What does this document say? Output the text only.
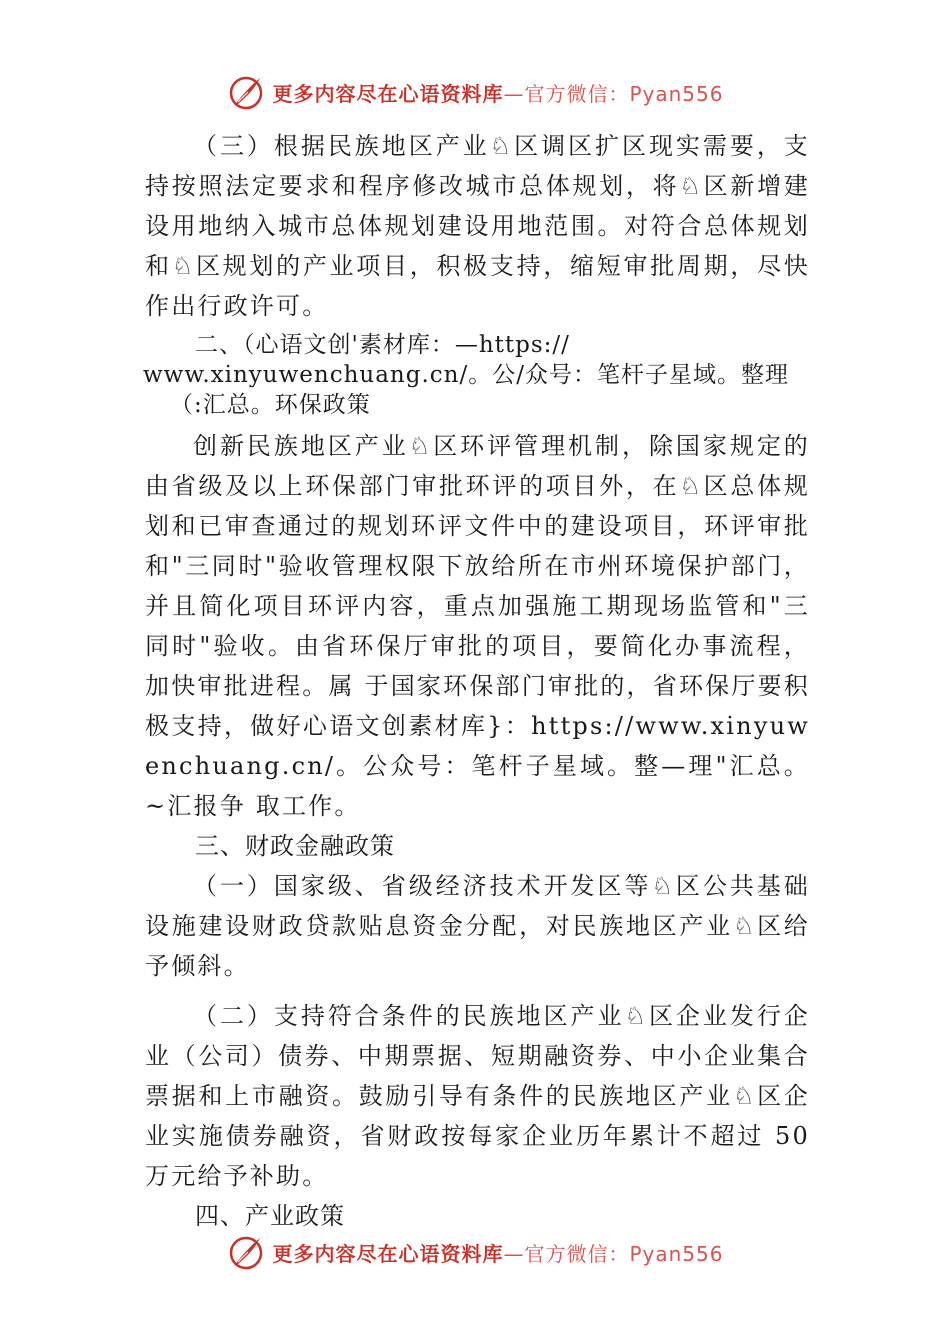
更多内容尽在心语资料库—官方微信：Pyan556

（三）根据民族地区产业♘区调区扩区现实需要，支持按照法定要求和程序修改城市总体规划，将♘区新增建设用地纳入城市总体规划建设用地范围。对符合总体规划和♘区规划的产业项目，积极支持，缩短审批周期，尽快作出行政许可。

二、（心语文创'素材库：—https://
www.xinyuwenchuang.cn/。公/众号：笔杆子星域。整理
（:汇总。环保政策

创新民族地区产业♘区环评管理机制，除国家规定的由省级及以上环保部门审批环评的项目外，在♘区总体规划和已审查通过的规划环评文件中的建设项目，环评审批和"三同时"验收管理权限下放给所在市州环境保护部门，并且简化项目环评内容，重点加强施工期现场监管和"三同时"验收。由省环保厅审批的项目，要简化办事流程，加快审批进程。属 于国家环保部门审批的，省环保厅要积极支持，做好心语文创素材库}：https://www.xinyuwenchuang.cn/。公众号：笔杆子星域。整—理"汇总。~汇报争 取工作。

三、财政金融政策

（一）国家级、省级经济技术开发区等♘区公共基础设施建设财政贷款贴息资金分配，对民族地区产业♘区给予倾斜。

（二）支持符合条件的民族地区产业♘区企业发行企业（公司）债券、中期票据、短期融资券、中小企业集合票据和上市融资。鼓励引导有条件的民族地区产业♘区企业实施债券融资，省财政按每家企业历年累计不超过 50 万元给予补助。

四、产业政策

更多内容尽在心语资料库—官方微信：Pyan556
